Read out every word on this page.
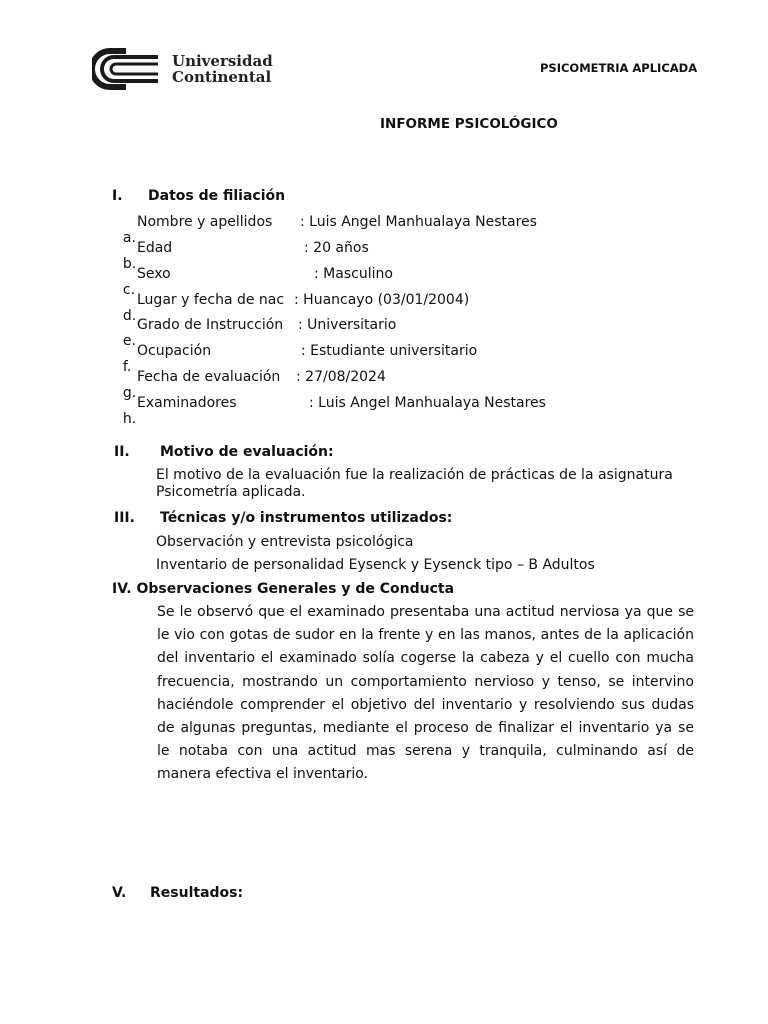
Universidad
Continental	PSICOMETRIA APLICADA
INFORME PSICOLÓGICO
I. Datos de filiación

a.

Nombre y apellidos

: Luis Angel Manhualaya Nestares

b.

Edad

	: 20 años

c.

Sexo

	: Masculino

d.

Lugar y fecha de nac

: Huancayo (03/01/2004)

e.

Grado de Instrucción

: Universitario

f.

Ocupación

	: Estudiante universitario

g.

Fecha de evaluación

: 27/08/2024

h.

Examinadores

	: Luis Angel Manhualaya Nestares

II. Motivo de evaluación:
El motivo de la evaluación fue la realización de prácticas de la asignatura Psicometría aplicada.
III. Técnicas y/o instrumentos utilizados:
Observación y entrevista psicológica
Inventario de personalidad Eysenck y Eysenck tipo – B Adultos
IV. Observaciones Generales y de Conducta
Se le observó que el examinado presentaba una actitud nerviosa ya que se le vio con gotas de sudor en la frente y en las manos, antes de la aplicación del inventario el examinado solía cogerse la cabeza y el cuello con mucha frecuencia, mostrando un comportamiento nervioso y tenso, se intervino haciéndole comprender el objetivo del inventario y resolviendo sus dudas de algunas preguntas, mediante el proceso de finalizar el inventario ya se le notaba con una actitud mas serena y tranquila, culminando así de manera efectiva el inventario.
V. Resultados:
